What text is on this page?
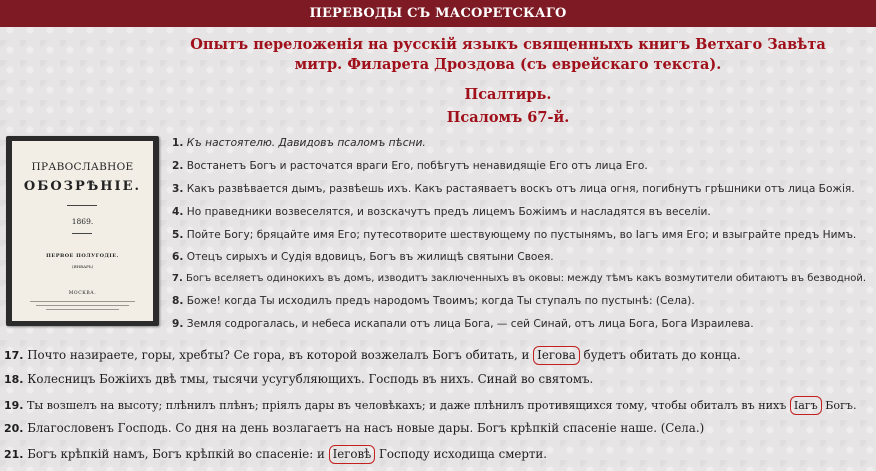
ПЕРЕВОДЫ СЪ МАСОРЕТСКАГО
Опытъ переложенія на русскій языкъ священныхъ книгъ Ветхаго Завѣта
митр. Филарета Дроздова (съ еврейскаго текста).
Псалтирь.
Псаломъ 67-й.
ПРАВОСЛАВНОЕ
ОБОЗРѢНІЕ.
1869.
ПЕРВОЕ ПОЛУГОДІЕ.
(ЯНВАРЬ)
МОСКВА.
1. Къ настоятелю. Давидовъ псаломъ пѣсни.
2. Востанетъ Богъ и расточатся враги Его, побѣгутъ ненавидящіе Его отъ лица Его.
3. Какъ развѣвается дымъ, развѣешь ихъ. Какъ растаяваетъ воскъ отъ лица огня, погибнутъ грѣшники отъ лица Божія.
4. Но праведники возвеселятся, и возскачутъ предъ лицемъ Божіимъ и насладятся въ веселіи.
5. Пойте Богу; бряцайте имя Его; путесотворите шествующему по пустынямъ, во Іагъ имя Его; и взыграйте предъ Нимъ.
6. Отецъ сирыхъ и Судія вдовицъ, Богъ въ жилищѣ святыни Своея.
7. Богъ вселяетъ одинокихъ въ домъ, изводитъ заключенныхъ въ оковы: между тѣмъ какъ возмутители обитаютъ въ безводной.
8. Боже! когда Ты исходилъ предъ народомъ Твоимъ; когда Ты ступалъ по пустынѣ: (Села).
9. Земля содрогалась, и небеса искапали отъ лица Бога, — сей Синай, отъ лица Бога, Бога Израилева.
17. Почто назираете, горы, хребты? Се гора, въ которой возжелалъ Богъ обитать, и Іегова будетъ обитать до конца.
18. Колесницъ Божіихъ двѣ тмы, тысячи усугубляющихъ. Господь въ нихъ. Синай во святомъ.
19. Ты возшелъ на высоту; плѣнилъ плѣнъ; пріялъ дары въ человѣкахъ; и даже плѣнилъ противящихся тому, чтобы обиталъ въ нихъ Іагъ Богъ.
20. Благословенъ Господь. Со дня на день возлагаетъ на насъ новые дары. Богъ крѣпкій спасеніе наше. (Села.)
21. Богъ крѣпкій намъ, Богъ крѣпкій во спасеніе: и Іеговѣ Господу исходища смерти.
